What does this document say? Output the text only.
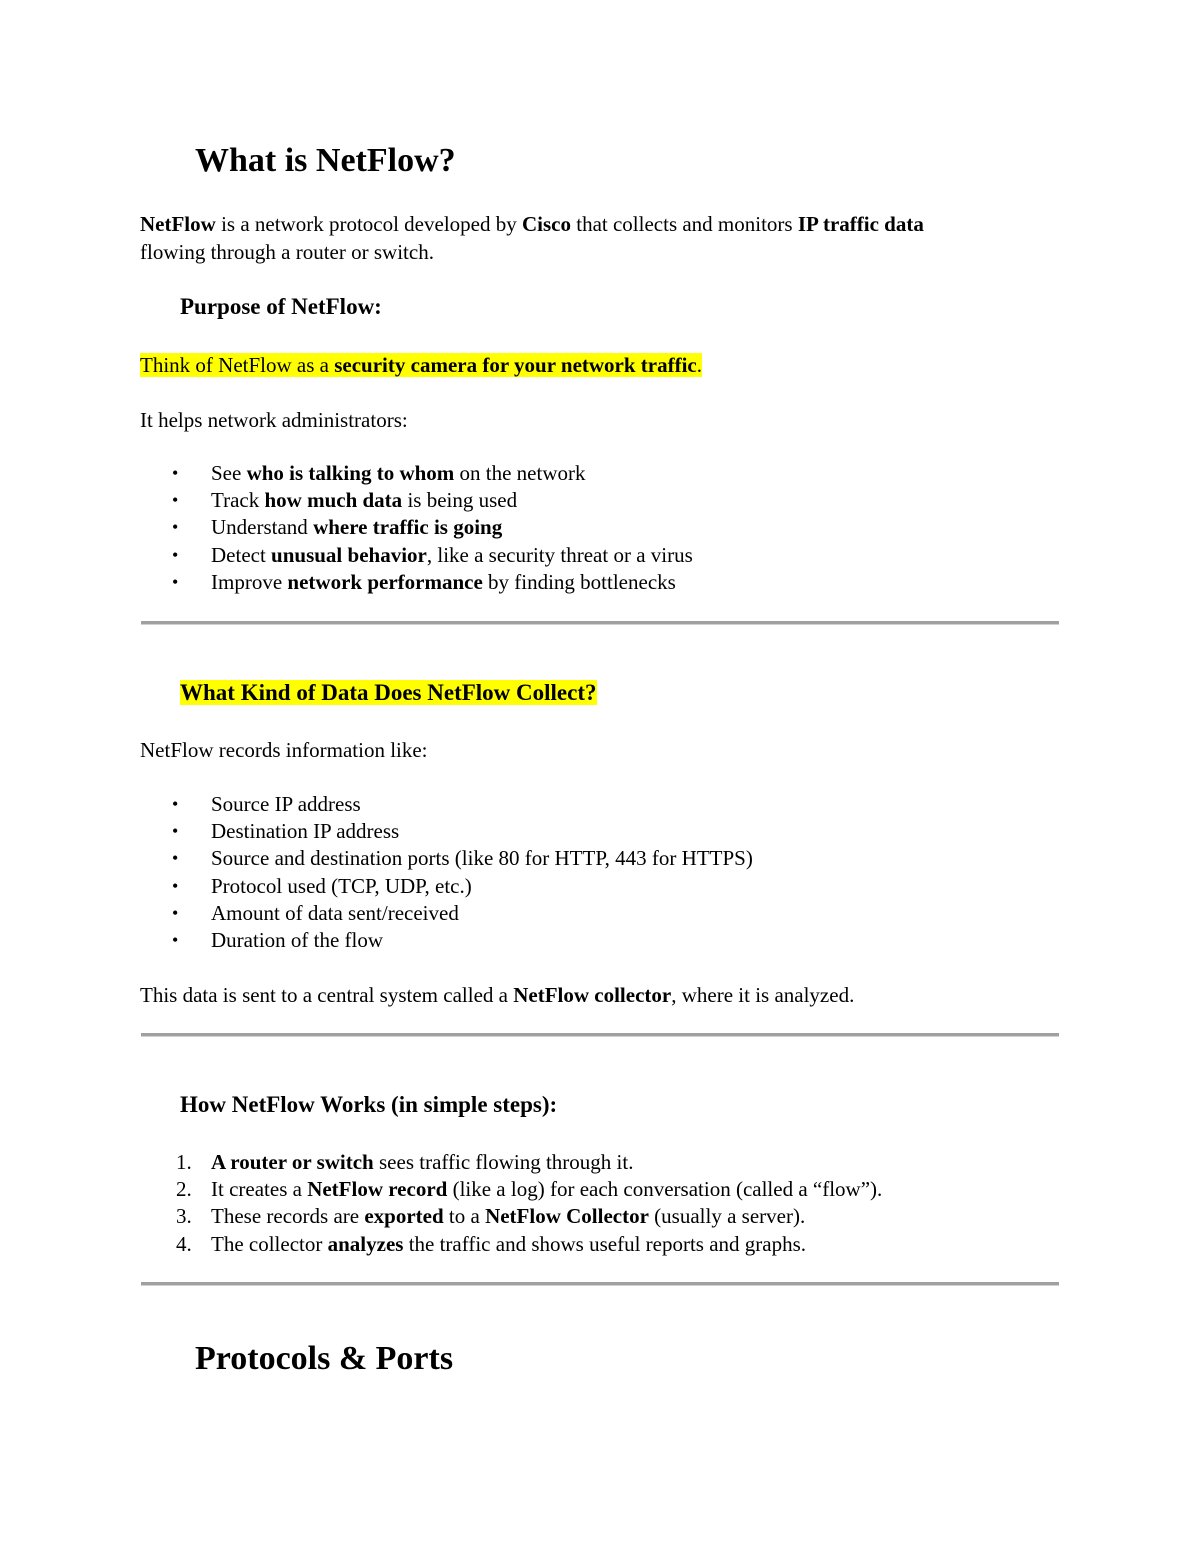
What is NetFlow?

NetFlow is a network protocol developed by Cisco that collects and monitors IP traffic data

flowing through a router or switch.

Purpose of NetFlow:

Think of NetFlow as a security camera for your network traffic.

It helps network administrators:

• See who is talking to whom on the network
• Track how much data is being used
• Understand where traffic is going
• Detect unusual behavior, like a security threat or a virus
• Improve network performance by finding bottlenecks
What Kind of Data Does NetFlow Collect?

NetFlow records information like:

• Source IP address
• Destination IP address
• Source and destination ports (like 80 for HTTP, 443 for HTTPS)
• Protocol used (TCP, UDP, etc.)
• Amount of data sent/received
• Duration of the flow

This data is sent to a central system called a NetFlow collector, where it is analyzed.

How NetFlow Works (in simple steps):
1. A router or switch sees traffic flowing through it.
2. It creates a NetFlow record (like a log) for each conversation (called a “flow”).
3. These records are exported to a NetFlow Collector (usually a server).
4. The collector analyzes the traffic and shows useful reports and graphs.
Protocols & Ports
